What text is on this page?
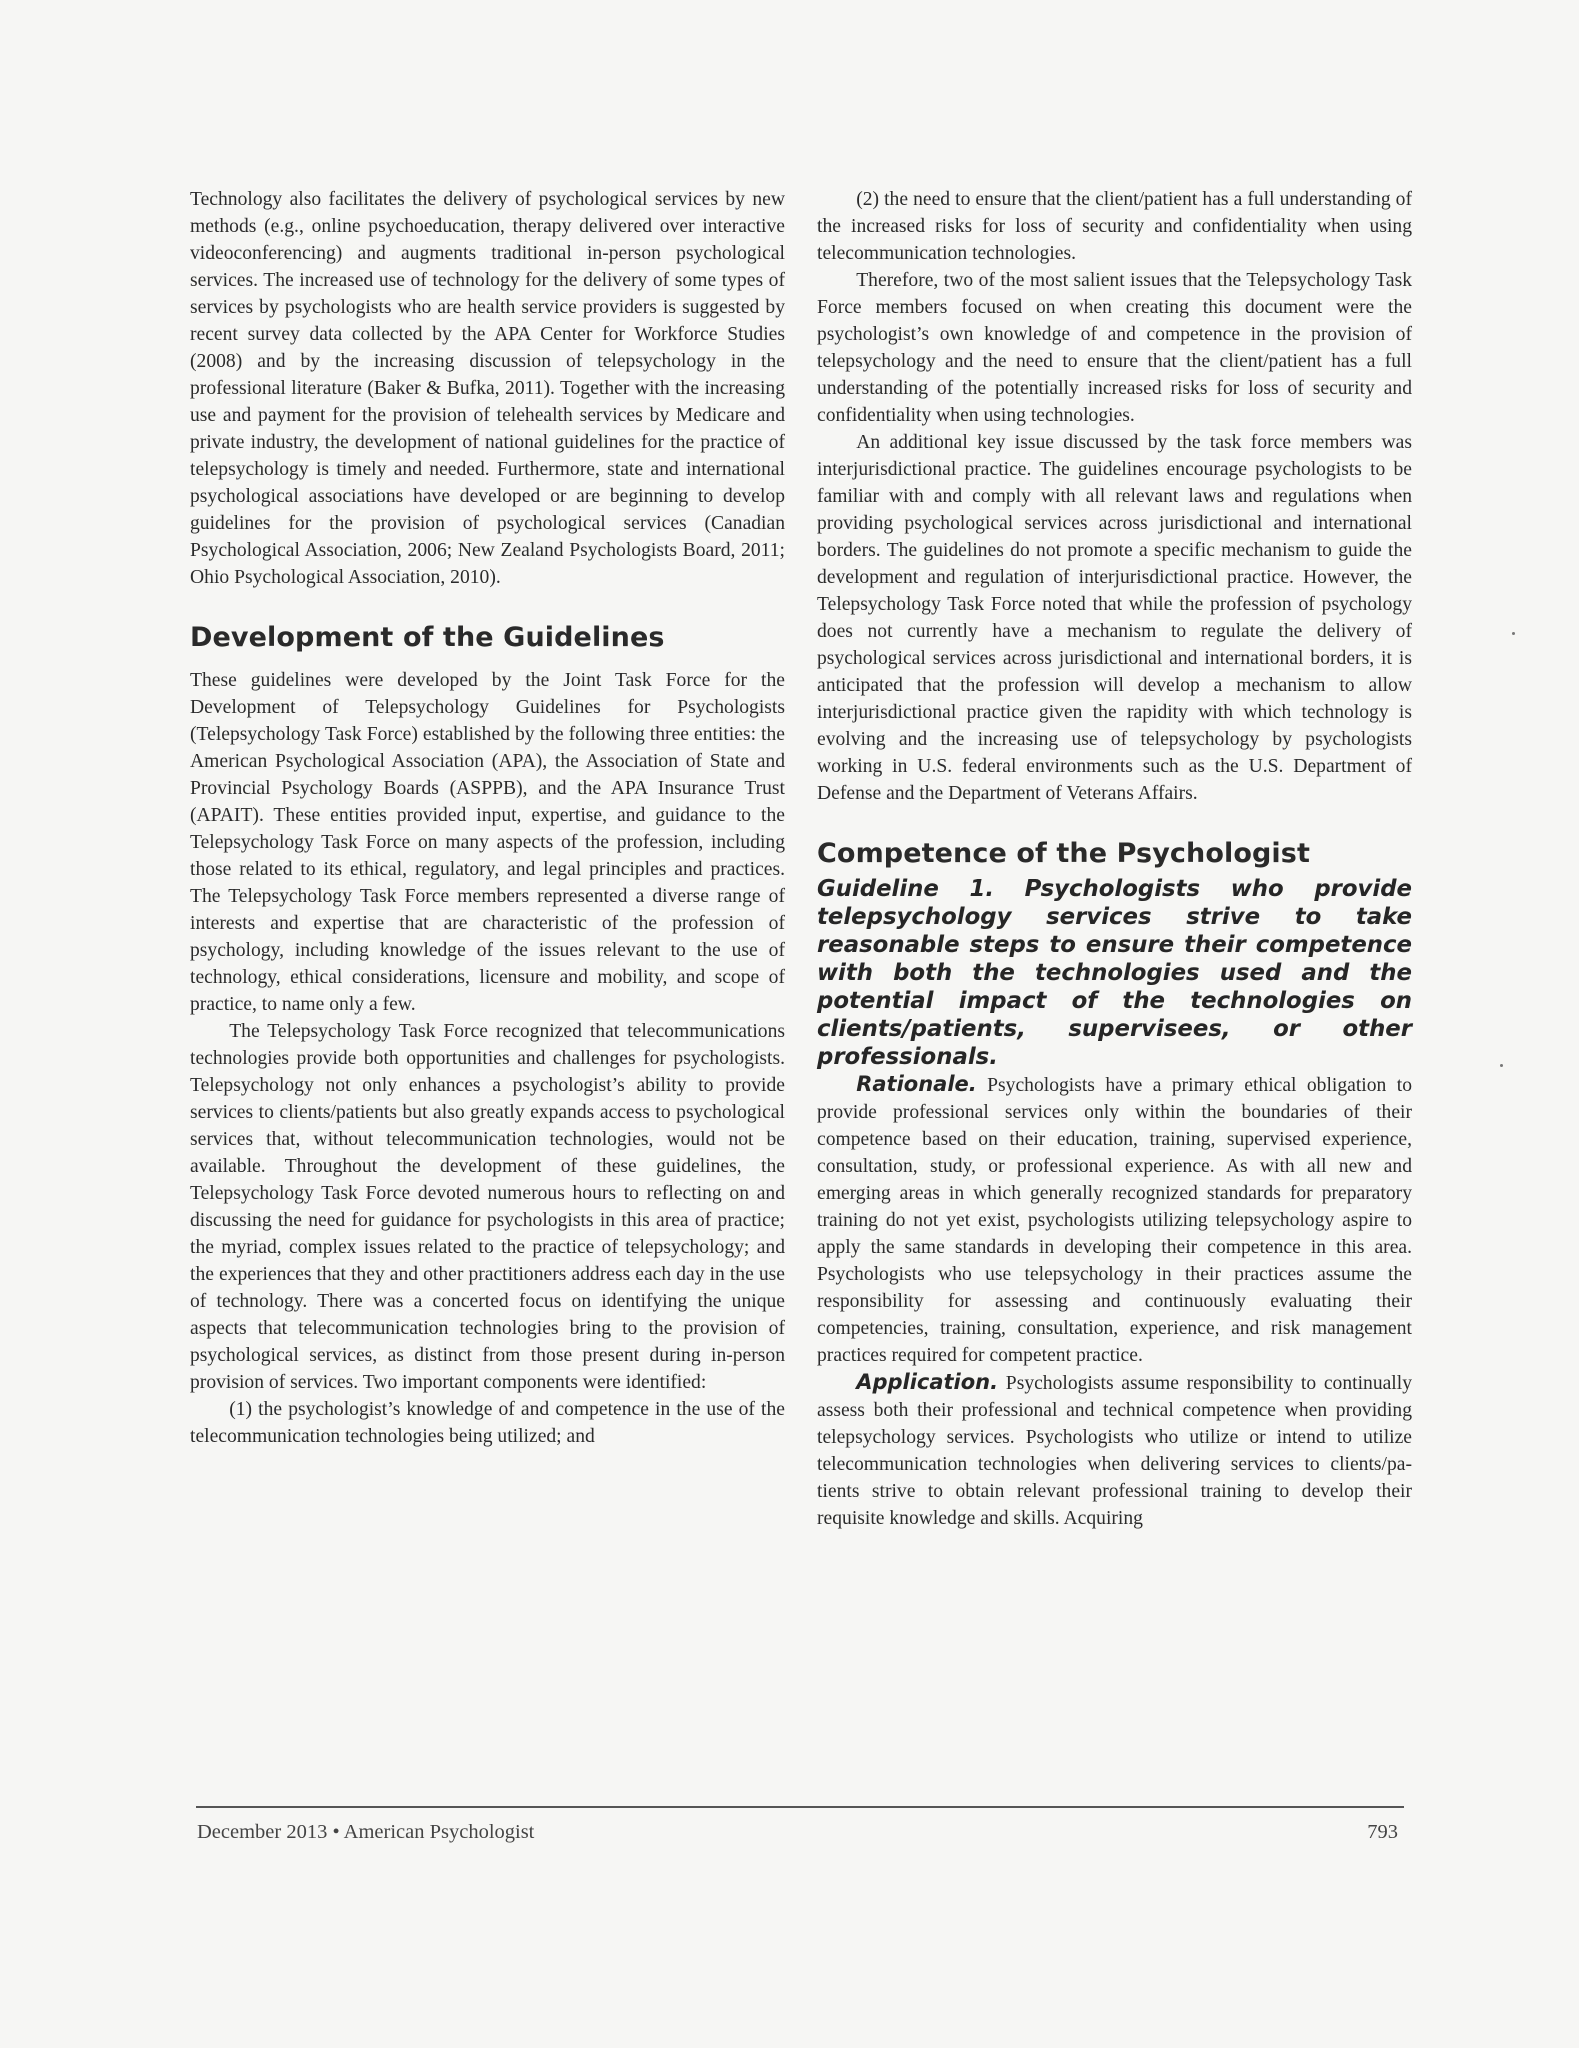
Technology also facilitates the delivery of psychological services by new methods (e.g., online psychoeducation, therapy delivered over interactive videoconferencing) and augments traditional in-person psychological services. The increased use of technology for the delivery of some types of services by psychologists who are health service providers is suggested by recent survey data collected by the APA Center for Workforce Studies (2008) and by the increasing discussion of telepsychology in the professional literature (Baker & Bufka, 2011). Together with the increasing use and payment for the provision of telehealth services by Medicare and private industry, the development of national guidelines for the practice of telepsychology is timely and needed. Furthermore, state and international psychological associations have developed or are beginning to develop guidelines for the provision of psychological services (Canadian Psychological Association, 2006; New Zealand Psychologists Board, 2011; Ohio Psychological Association, 2010).

Development of the Guidelines

These guidelines were developed by the Joint Task Force for the Development of Telepsychology Guidelines for Psychologists (Telepsychology Task Force) established by the following three entities: the American Psychological Association (APA), the Association of State and Provincial Psychology Boards (ASPPB), and the APA Insurance Trust (APAIT). These entities provided input, expertise, and guidance to the Telepsychology Task Force on many aspects of the profession, including those related to its ethical, regulatory, and legal principles and practices. The Telepsychology Task Force members represented a diverse range of interests and expertise that are characteristic of the profession of psychology, including knowledge of the issues relevant to the use of technology, ethical considerations, licensure and mobility, and scope of practice, to name only a few.

The Telepsychology Task Force recognized that telecommunications technologies provide both opportunities and challenges for psychologists. Telepsychology not only enhances a psychologist’s ability to provide services to clients/patients but also greatly expands access to psychological services that, without telecommunication technologies, would not be available. Throughout the development of these guidelines, the Telepsychology Task Force devoted numerous hours to reflecting on and discussing the need for guidance for psychologists in this area of practice; the myriad, complex issues related to the practice of telepsychology; and the experiences that they and other practitioners address each day in the use of technology. There was a concerted focus on identifying the unique aspects that telecommunication technologies bring to the provision of psychological services, as distinct from those present during in-person provision of services. Two important components were identified:

(1) the psychologist’s knowledge of and competence in the use of the telecommunication technologies being utilized; and

(2) the need to ensure that the client/patient has a full understanding of the increased risks for loss of security and confidentiality when using telecommunication technologies.

Therefore, two of the most salient issues that the Telepsychology Task Force members focused on when creating this document were the psychologist’s own knowledge of and competence in the provision of telepsychology and the need to ensure that the client/patient has a full understanding of the potentially increased risks for loss of security and confidentiality when using technologies.

An additional key issue discussed by the task force members was interjurisdictional practice. The guidelines encourage psychologists to be familiar with and comply with all relevant laws and regulations when providing psychological services across jurisdictional and international borders. The guidelines do not promote a specific mechanism to guide the development and regulation of interjurisdictional practice. However, the Telepsychology Task Force noted that while the profession of psychology does not currently have a mechanism to regulate the delivery of psychological services across jurisdictional and international borders, it is anticipated that the profession will develop a mechanism to allow interjurisdictional practice given the rapidity with which technology is evolving and the increasing use of telepsychology by psychologists working in U.S. federal environments such as the U.S. Department of Defense and the Department of Veterans Affairs.

Competence of the Psychologist

Guideline 1. Psychologists who provide telepsychology services strive to take reasonable steps to ensure their competence with both the technologies used and the potential impact of the technologies on clients/patients, supervisees, or other professionals.

Rationale. Psychologists have a primary ethical obligation to provide professional services only within the boundaries of their competence based on their education, training, supervised experience, consultation, study, or professional experience. As with all new and emerging areas in which generally recognized standards for preparatory training do not yet exist, psychologists utilizing telepsychology aspire to apply the same standards in developing their competence in this area. Psychologists who use telepsychology in their practices assume the responsibility for assessing and continuously evaluating their competencies, training, consultation, experience, and risk management practices required for competent practice.

Application. Psychologists assume responsibility to continually assess both their professional and technical competence when providing telepsychology services. Psychologists who utilize or intend to utilize telecommunication technologies when delivering services to clients/patients strive to obtain relevant professional training to develop their requisite knowledge and skills. Acquiring

December 2013 • American Psychologist	793
